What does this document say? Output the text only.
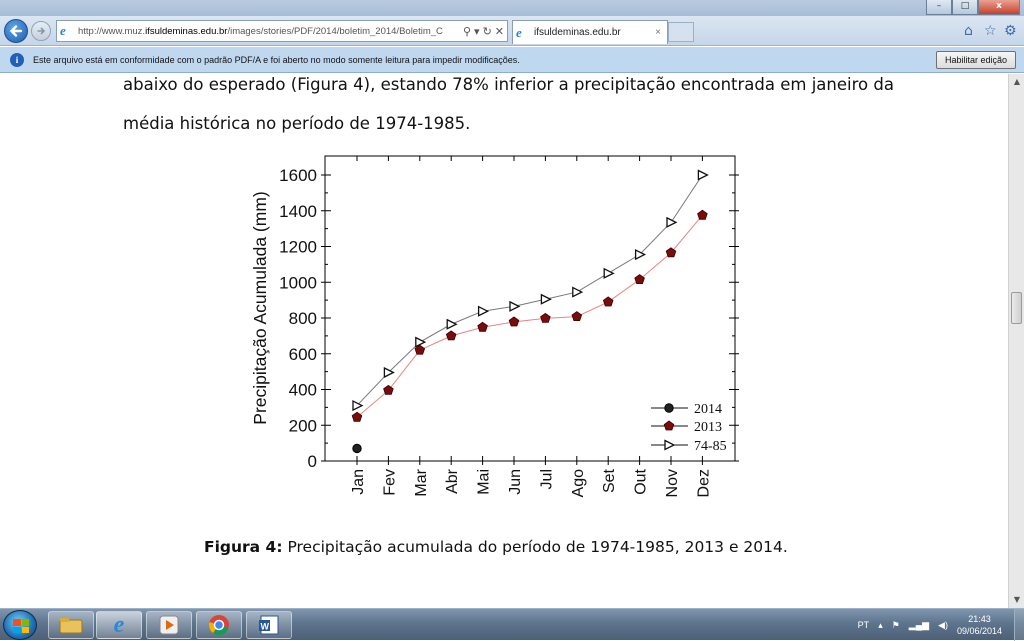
–	□	x
e	http://www.muz.ifsuldeminas.edu.br/images/stories/PDF/2014/boletim_2014/Boletim_C	⚲ ▾ ↻ ✕ e	ifsuldeminas.edu.br	×	⌂ ☆ ⚙
i	Este arquivo está em conformidade com o padrão PDF/A e foi aberto no modo somente leitura para impedir modificações.	Habilitar edição
abaixo do esperado (Figura 4), estando 78% inferior a precipitação encontrada em janeiro da
média histórica no período de 1974-1985.
0
200
400
600
800
1000
1200
1400
1600
Jan Fev Mar Abr Mai Jun Jul Ago Set Out Nov Dez
Precipitação Acumulada (mm)	2014
2013
74-85
Figura 4: Precipitação acumulada do período de 1974-1985, 2013 e 2014.
▲
▼
e	W	PT ▴ ⚑ ▂▄▆ ◀)
21:43
09/06/2014
